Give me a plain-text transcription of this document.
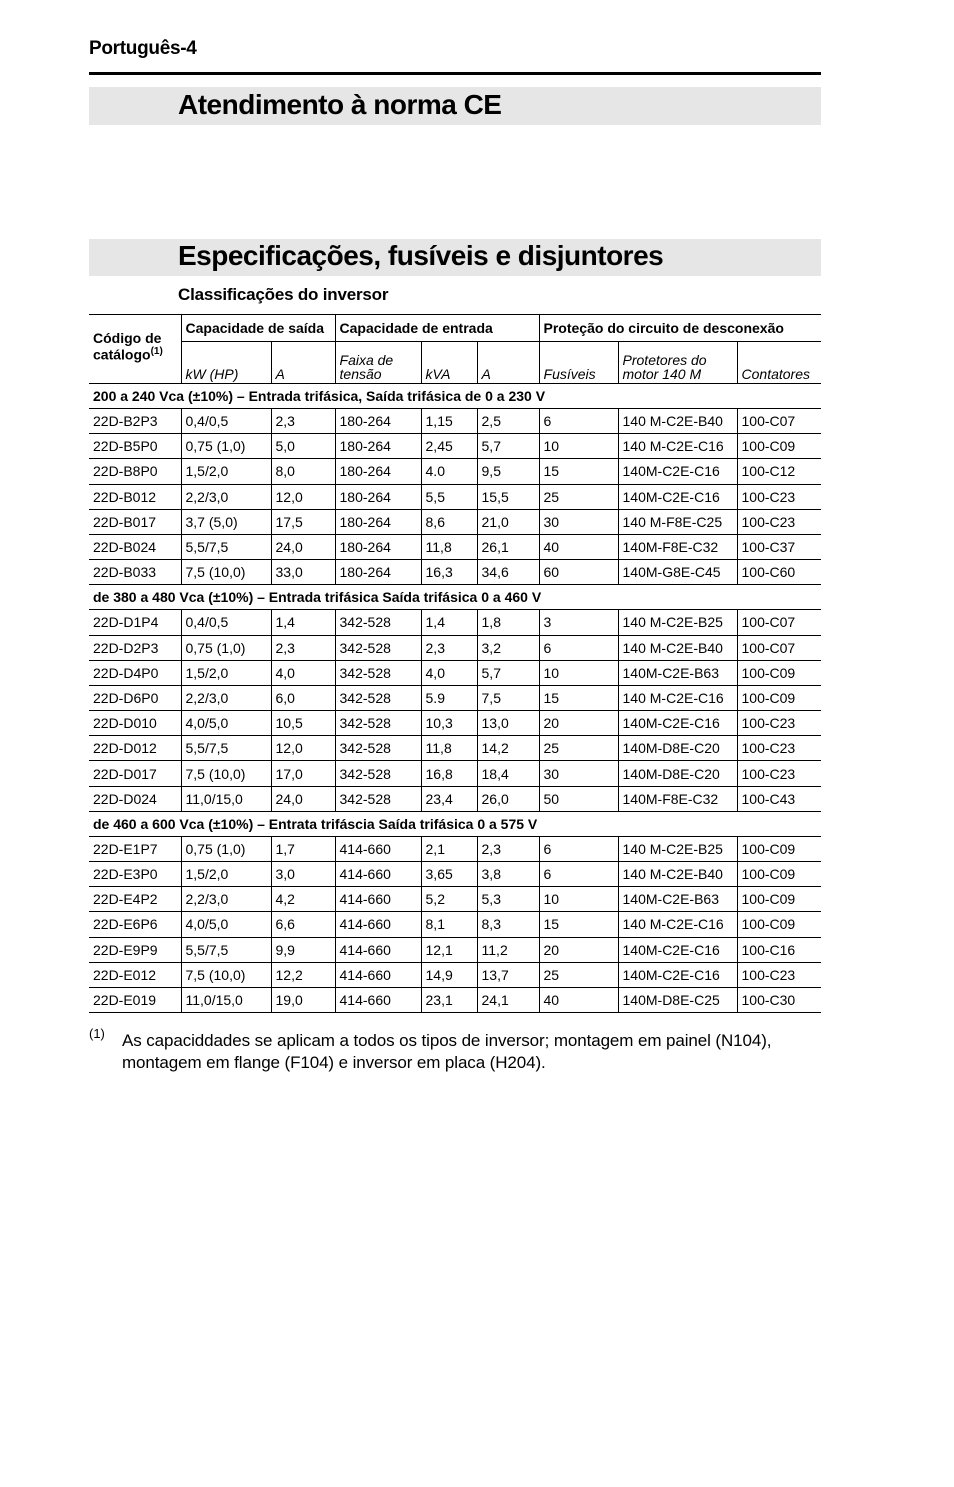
Português-4
Atendimento à norma CE
Especificações, fusíveis e disjuntores
Classificações do inversor
Código de catálogo$^{(1)}$	Capacidade de saída		Capacidade de entrada			Proteção do circuito de desconexão		
	kW (HP)	A	Faixa de tensão	kVA	A	Fusíveis	Protetores do motor 140 M	Contatores
200 a 240 Vca (±10%) – Entrada trifásica, Saída trifásica de 0 a 230 V								
22D-B2P3	0,4/0,5	2,3	180-264	1,15	2,5	6	140 M-C2E-B40	100-C07
22D-B5P0	0,75 (1,0)	5,0	180-264	2,45	5,7	10	140 M-C2E-C16	100-C09
22D-B8P0	1,5/2,0	8,0	180-264	4.0	9,5	15	140M-C2E-C16	100-C12
22D-B012	2,2/3,0	12,0	180-264	5,5	15,5	25	140M-C2E-C16	100-C23
22D-B017	3,7 (5,0)	17,5	180-264	8,6	21,0	30	140 M-F8E-C25	100-C23
22D-B024	5,5/7,5	24,0	180-264	11,8	26,1	40	140M-F8E-C32	100-C37
22D-B033	7,5 (10,0)	33,0	180-264	16,3	34,6	60	140M-G8E-C45	100-C60
de 380 a 480 Vca (±10%) – Entrada trifásica Saída trifásica 0 a 460 V								
22D-D1P4	0,4/0,5	1,4	342-528	1,4	1,8	3	140 M-C2E-B25	100-C07
22D-D2P3	0,75 (1,0)	2,3	342-528	2,3	3,2	6	140 M-C2E-B40	100-C07
22D-D4P0	1,5/2,0	4,0	342-528	4,0	5,7	10	140M-C2E-B63	100-C09
22D-D6P0	2,2/3,0	6,0	342-528	5.9	7,5	15	140 M-C2E-C16	100-C09
22D-D010	4,0/5,0	10,5	342-528	10,3	13,0	20	140M-C2E-C16	100-C23
22D-D012	5,5/7,5	12,0	342-528	11,8	14,2	25	140M-D8E-C20	100-C23
22D-D017	7,5 (10,0)	17,0	342-528	16,8	18,4	30	140M-D8E-C20	100-C23
22D-D024	11,0/15,0	24,0	342-528	23,4	26,0	50	140M-F8E-C32	100-C43
de 460 a 600 Vca (±10%) – Entrata trifáscia Saída trifásica 0 a 575 V								
22D-E1P7	0,75 (1,0)	1,7	414-660	2,1	2,3	6	140 M-C2E-B25	100-C09
22D-E3P0	1,5/2,0	3,0	414-660	3,65	3,8	6	140 M-C2E-B40	100-C09
22D-E4P2	2,2/3,0	4,2	414-660	5,2	5,3	10	140M-C2E-B63	100-C09
22D-E6P6	4,0/5,0	6,6	414-660	8,1	8,3	15	140 M-C2E-C16	100-C09
22D-E9P9	5,5/7,5	9,9	414-660	12,1	11,2	20	140M-C2E-C16	100-C16
22D-E012	7,5 (10,0)	12,2	414-660	14,9	13,7	25	140M-C2E-C16	100-C23
22D-E019	11,0/15,0	19,0	414-660	23,1	24,1	40	140M-D8E-C25	100-C30
(1) As capaciddades se aplicam a todos os tipos de inversor; montagem em painel (N104), montagem em flange (F104) e inversor em placa (H204).
